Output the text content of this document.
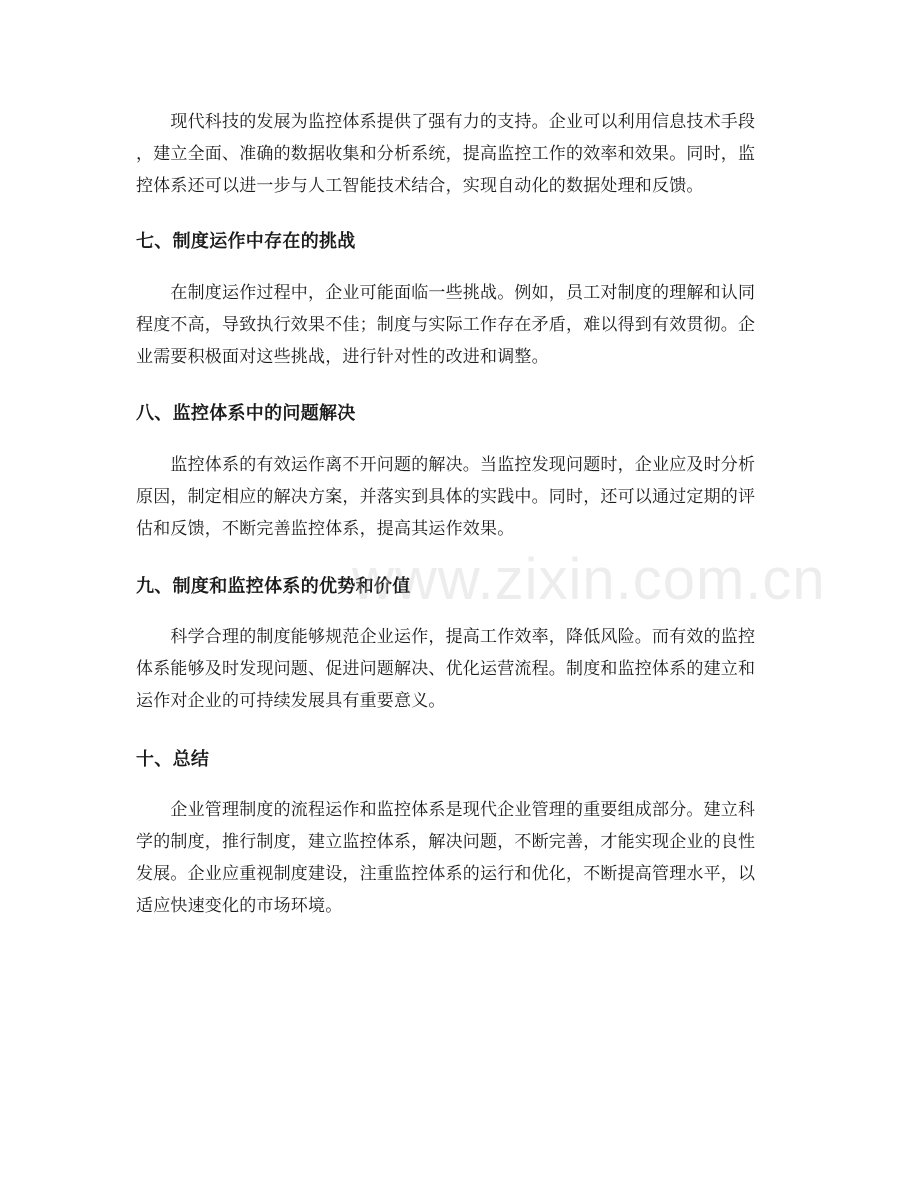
　　现代科技的发展为监控体系提供了强有力的支持。企业可以利用信息技术手段
，建立全面、准确的数据收集和分析系统，提高监控工作的效率和效果。同时，监
控体系还可以进一步与人工智能技术结合，实现自动化的数据处理和反馈。

七、制度运作中存在的挑战

　　在制度运作过程中，企业可能面临一些挑战。例如，员工对制度的理解和认同
程度不高，导致执行效果不佳；制度与实际工作存在矛盾，难以得到有效贯彻。企
业需要积极面对这些挑战，进行针对性的改进和调整。

八、监控体系中的问题解决

　　监控体系的有效运作离不开问题的解决。当监控发现问题时，企业应及时分析
原因，制定相应的解决方案，并落实到具体的实践中。同时，还可以通过定期的评
估和反馈，不断完善监控体系，提高其运作效果。

九、制度和监控体系的优势和价值

　　科学合理的制度能够规范企业运作，提高工作效率，降低风险。而有效的监控
体系能够及时发现问题、促进问题解决、优化运营流程。制度和监控体系的建立和
运作对企业的可持续发展具有重要意义。

十、总结

　　企业管理制度的流程运作和监控体系是现代企业管理的重要组成部分。建立科
学的制度，推行制度，建立监控体系，解决问题，不断完善，才能实现企业的良性
发展。企业应重视制度建设，注重监控体系的运行和优化，不断提高管理水平，以
适应快速变化的市场环境。

www.zixin.com.cn
